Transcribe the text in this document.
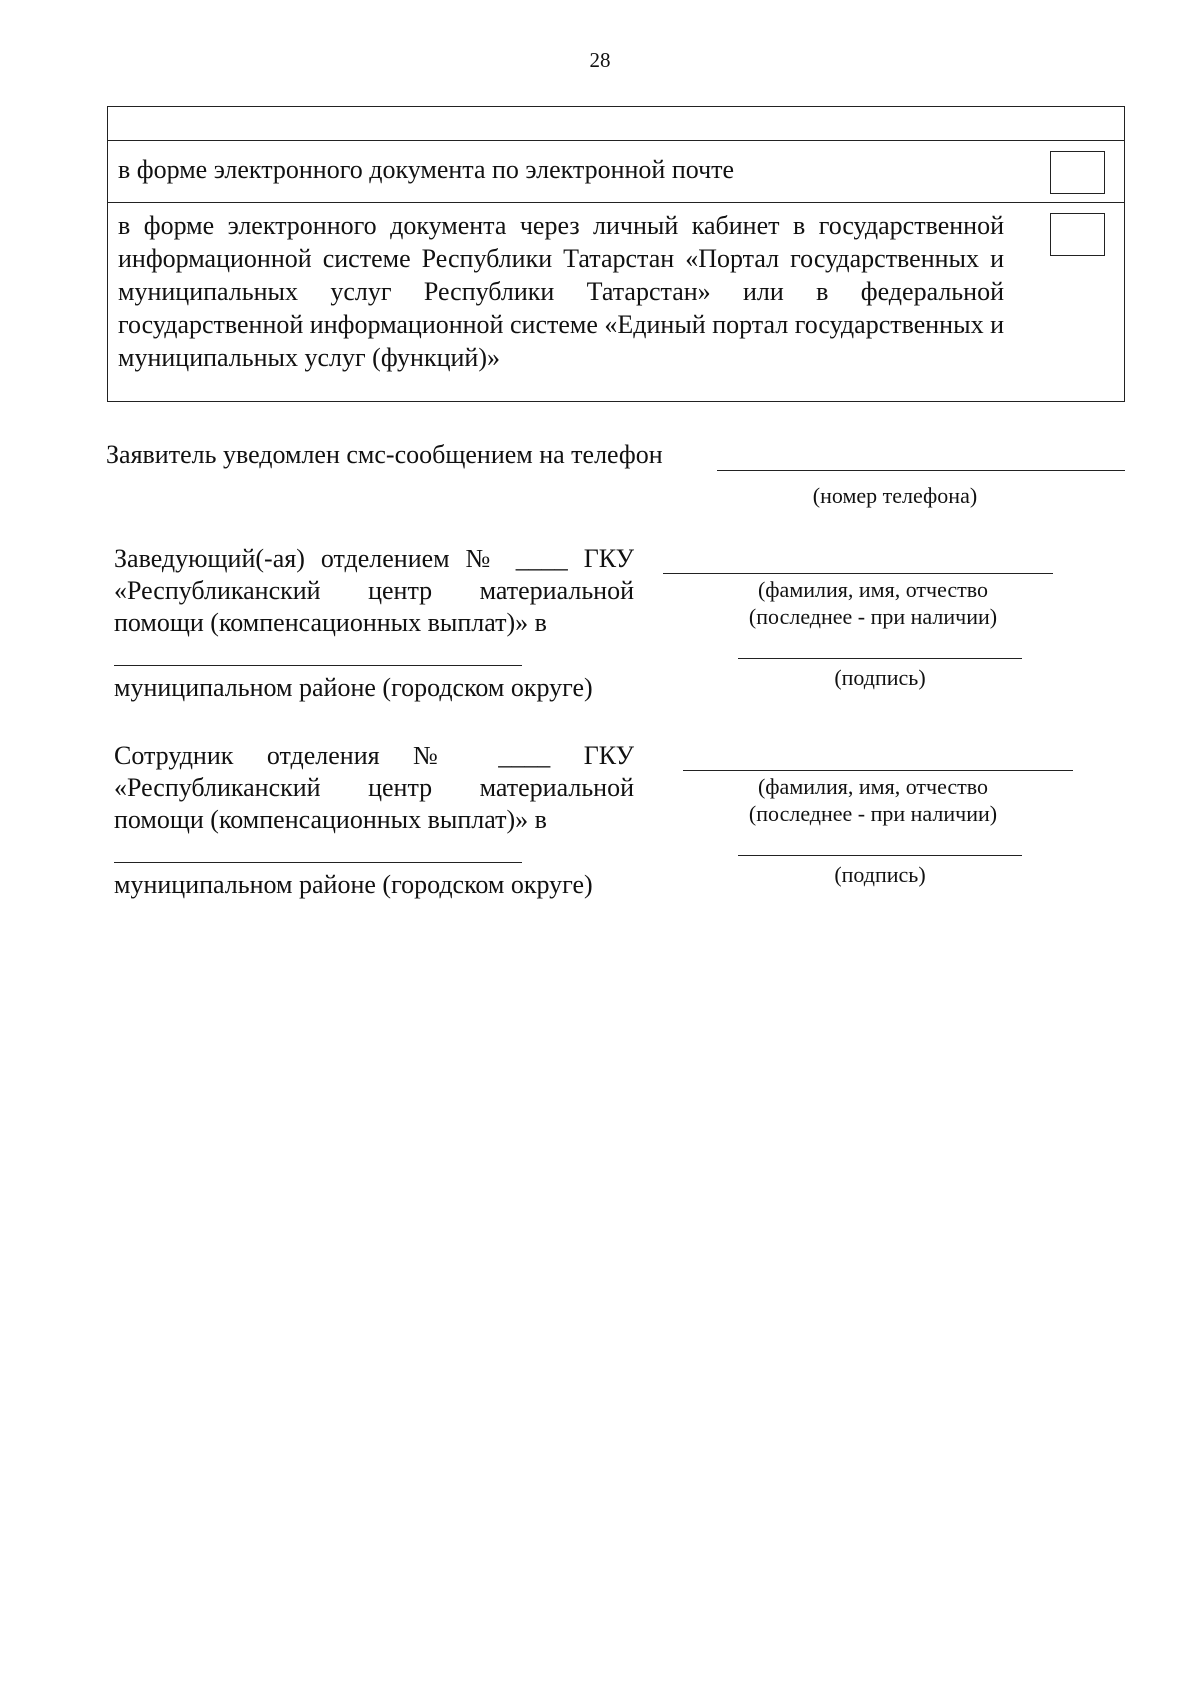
28
в форме электронного документа по электронной почте
в форме электронного документа через личный кабинет в государственной информационной системе Республики Татарстан «Портал государственных и муниципальных услуг Республики Татарстан» или в федеральной государственной информационной системе «Единый портал государственных и муниципальных услуг (функций)»
Заявитель уведомлен смс-сообщением на телефон
(номер телефона)
Заведующий(-ая) отделением № ____ ГКУ
«Республиканский центр материальной
помощи (компенсационных выплат)» в
муниципальном районе (городском округе)
(фамилия, имя, отчество
(последнее - при наличии)
(подпись)
Сотрудник отделения № ____ ГКУ
«Республиканский центр материальной
помощи (компенсационных выплат)» в
муниципальном районе (городском округе)
(фамилия, имя, отчество
(последнее - при наличии)
(подпись)
